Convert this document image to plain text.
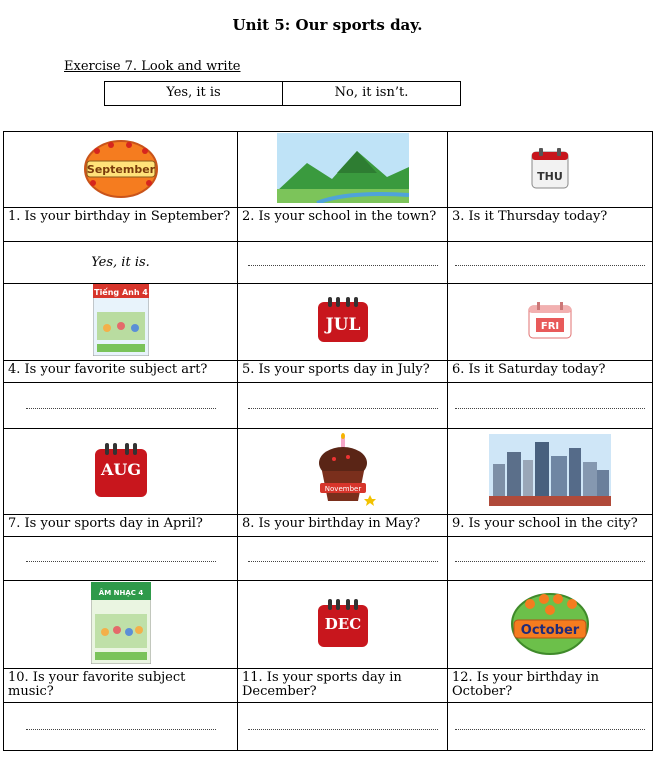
Unit 5: Our sports day.
Exercise 7. Look and write
Yes, it is	No, it isn’t.
September		THU

1. Is your birthday in September?	2. Is your school in the town?	3. Is it Thursday today?
Yes, it is.		

Tiếng Anh 4	JUL	FRI

4. Is your favorite subject art?	5. Is your sports day in July?	6. Is it Saturday today?

AUG	November

7. Is your sports day in April?	8. Is your birthday in May?	9. Is your school in the city?

ÂM NHẠC 4	DEC	October

10. Is your favorite subject music?	11. Is your sports day in December?	12. Is your birthday in October?
